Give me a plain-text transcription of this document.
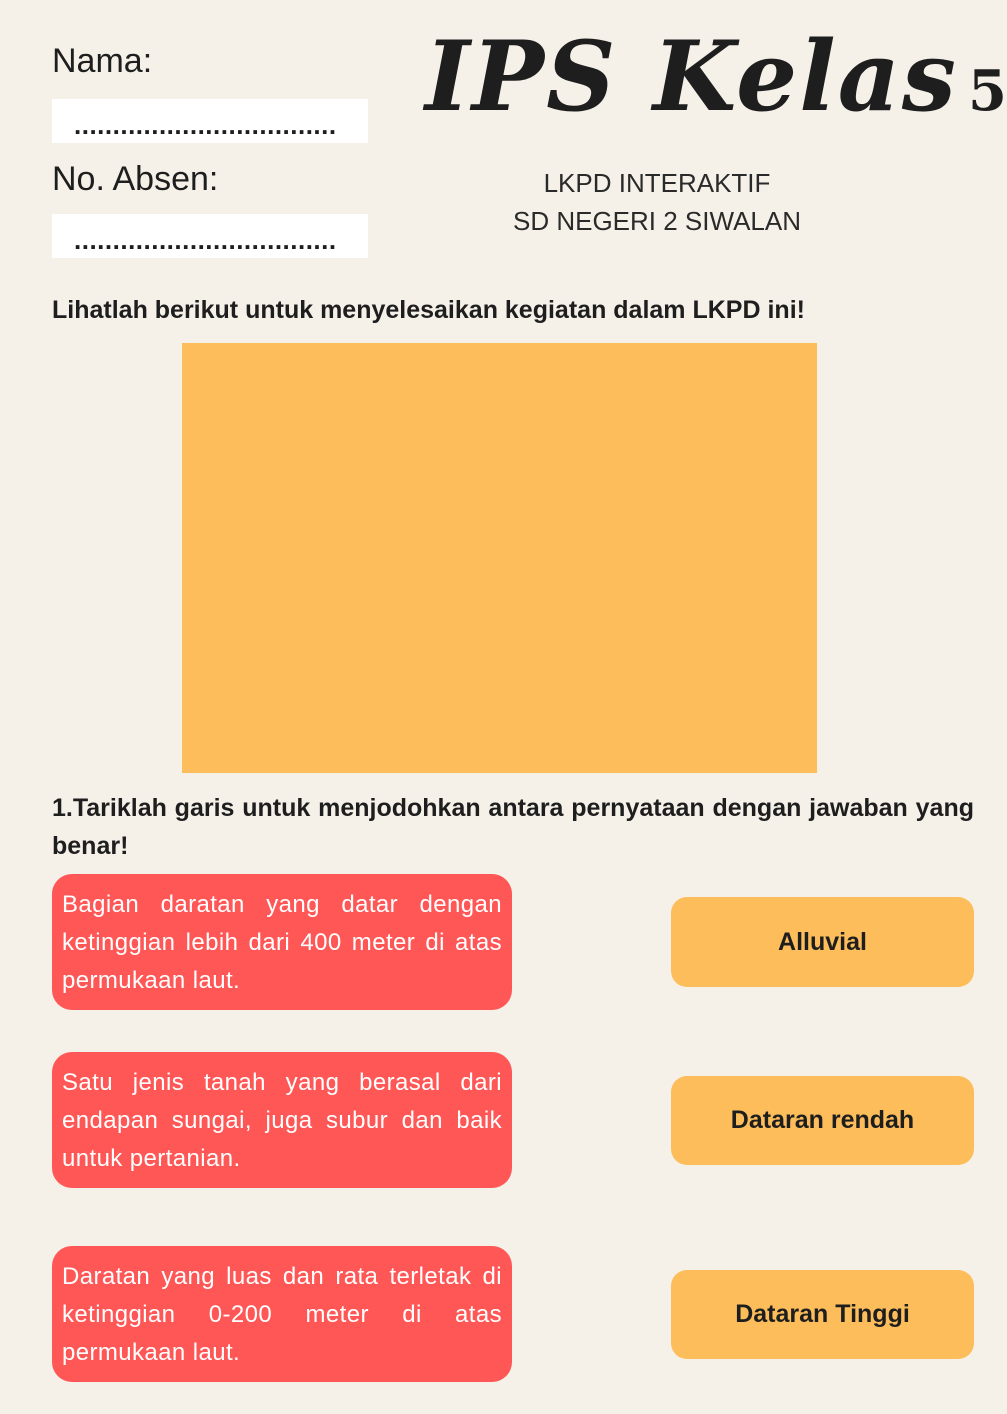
Nama:
..................................
No. Absen:
..................................
IPS Kelas 5
LKPD INTERAKTIF
SD NEGERI 2 SIWALAN
Lihatlah berikut untuk menyelesaikan kegiatan dalam LKPD ini!
1.Tariklah garis untuk menjodohkan antara pernyataan dengan jawaban yang benar!
Bagian daratan yang datar dengan ketinggian lebih dari 400 meter di atas permukaan laut.
Satu jenis tanah yang berasal dari endapan sungai, juga subur dan baik untuk pertanian.
Daratan yang luas dan rata terletak di ketinggian 0-200 meter di atas permukaan laut.
Alluvial
Dataran rendah
Dataran Tinggi
